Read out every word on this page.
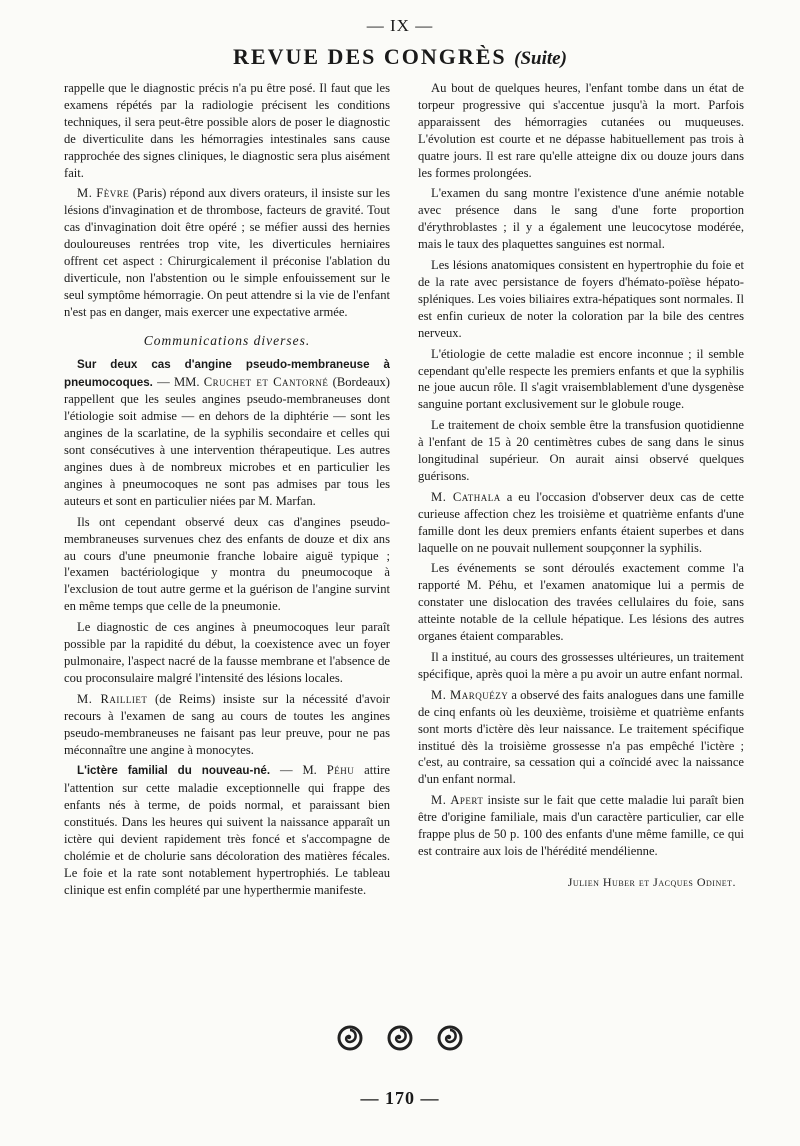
— IX —
REVUE DES CONGRÈS (Suite)

rappelle que le diagnostic précis n'a pu être posé. Il faut que les examens répétés par la radiologie précisent les conditions techniques, il sera peut-être possible alors de poser le diagnostic de diverticulite dans les hémorragies intestinales sans cause rapprochée des signes cliniques, le diagnostic sera plus aisément fait.

M. Fèvre (Paris) répond aux divers orateurs, il insiste sur les lésions d'invagination et de thrombose, facteurs de gravité. Tout cas d'invagination doit être opéré ; se méfier aussi des hernies douloureuses rentrées trop vite, les diverticules herniaires offrent cet aspect : Chirurgicalement il préconise l'ablation du diverticule, non l'abstention ou le simple enfouissement sur le seul symptôme hémorragie. On peut attendre si la vie de l'enfant n'est pas en danger, mais exercer une expectative armée.

Communications diverses.

Sur deux cas d'angine pseudo-membraneuse à pneumocoques. — MM. Cruchet et Cantorné (Bordeaux) rappellent que les seules angines pseudo-membraneuses dont l'étiologie soit admise — en dehors de la diphtérie — sont les angines de la scarlatine, de la syphilis secondaire et celles qui sont consécutives à une intervention thérapeutique. Les autres angines dues à de nombreux microbes et en particulier les angines à pneumocoques ne sont pas admises par tous les auteurs et sont en particulier niées par M. Marfan.

Ils ont cependant observé deux cas d'angines pseudo-membraneuses survenues chez des enfants de douze et dix ans au cours d'une pneumonie franche lobaire aiguë typique ; l'examen bactériologique y montra du pneumocoque à l'exclusion de tout autre germe et la guérison de l'angine survint en même temps que celle de la pneumonie.

Le diagnostic de ces angines à pneumocoques leur paraît possible par la rapidité du début, la coexistence avec un foyer pulmonaire, l'aspect nacré de la fausse membrane et l'absence de cou proconsulaire malgré l'intensité des lésions locales.

M. Railliet (de Reims) insiste sur la nécessité d'avoir recours à l'examen de sang au cours de toutes les angines pseudo-membraneuses ne faisant pas leur preuve, pour ne pas méconnaître une angine à monocytes.

L'ictère familial du nouveau-né. — M. Péhu attire l'attention sur cette maladie exceptionnelle qui frappe des enfants nés à terme, de poids normal, et paraissant bien constitués. Dans les heures qui suivent la naissance apparaît un ictère qui devient rapidement très foncé et s'accompagne de cholémie et de cholurie sans décoloration des matières fécales. Le foie et la rate sont notablement hypertrophiés. Le tableau clinique est enfin complété par une hyperthermie manifeste.

Au bout de quelques heures, l'enfant tombe dans un état de torpeur progressive qui s'accentue jusqu'à la mort. Parfois apparaissent des hémorragies cutanées ou muqueuses. L'évolution est courte et ne dépasse habituellement pas trois à quatre jours. Il est rare qu'elle atteigne dix ou douze jours dans les formes prolongées.

L'examen du sang montre l'existence d'une anémie notable avec présence dans le sang d'une forte proportion d'érythroblastes ; il y a également une leucocytose modérée, mais le taux des plaquettes sanguines est normal.

Les lésions anatomiques consistent en hypertrophie du foie et de la rate avec persistance de foyers d'hémato-poïèse hépato-spléniques. Les voies biliaires extra-hépatiques sont normales. Il est enfin curieux de noter la coloration par la bile des centres nerveux.

L'étiologie de cette maladie est encore inconnue ; il semble cependant qu'elle respecte les premiers enfants et que la syphilis ne joue aucun rôle. Il s'agit vraisemblablement d'une dysgenèse sanguine portant exclusivement sur le globule rouge.

Le traitement de choix semble être la transfusion quotidienne à l'enfant de 15 à 20 centimètres cubes de sang dans le sinus longitudinal supérieur. On aurait ainsi observé quelques guérisons.

M. Cathala a eu l'occasion d'observer deux cas de cette curieuse affection chez les troisième et quatrième enfants d'une famille dont les deux premiers enfants étaient superbes et dans laquelle on ne pouvait nullement soupçonner la syphilis.

Les événements se sont déroulés exactement comme l'a rapporté M. Péhu, et l'examen anatomique lui a permis de constater une dislocation des travées cellulaires du foie, sans atteinte notable de la cellule hépatique. Les lésions des autres organes étaient comparables.

Il a institué, au cours des grossesses ultérieures, un traitement spécifique, après quoi la mère a pu avoir un autre enfant normal.

M. Marquézy a observé des faits analogues dans une famille de cinq enfants où les deuxième, troisième et quatrième enfants sont morts d'ictère dès leur naissance. Le traitement spécifique institué dès la troisième grossesse n'a pas empêché l'ictère ; c'est, au contraire, sa cessation qui a coïncidé avec la naissance d'un enfant normal.

M. Apert insiste sur le fait que cette maladie lui paraît bien être d'origine familiale, mais d'un caractère particulier, car elle frappe plus de 50 p. 100 des enfants d'une même famille, ce qui est contraire aux lois de l'hérédité mendélienne.

Julien Huber et Jacques Odinet.
— 170 —
